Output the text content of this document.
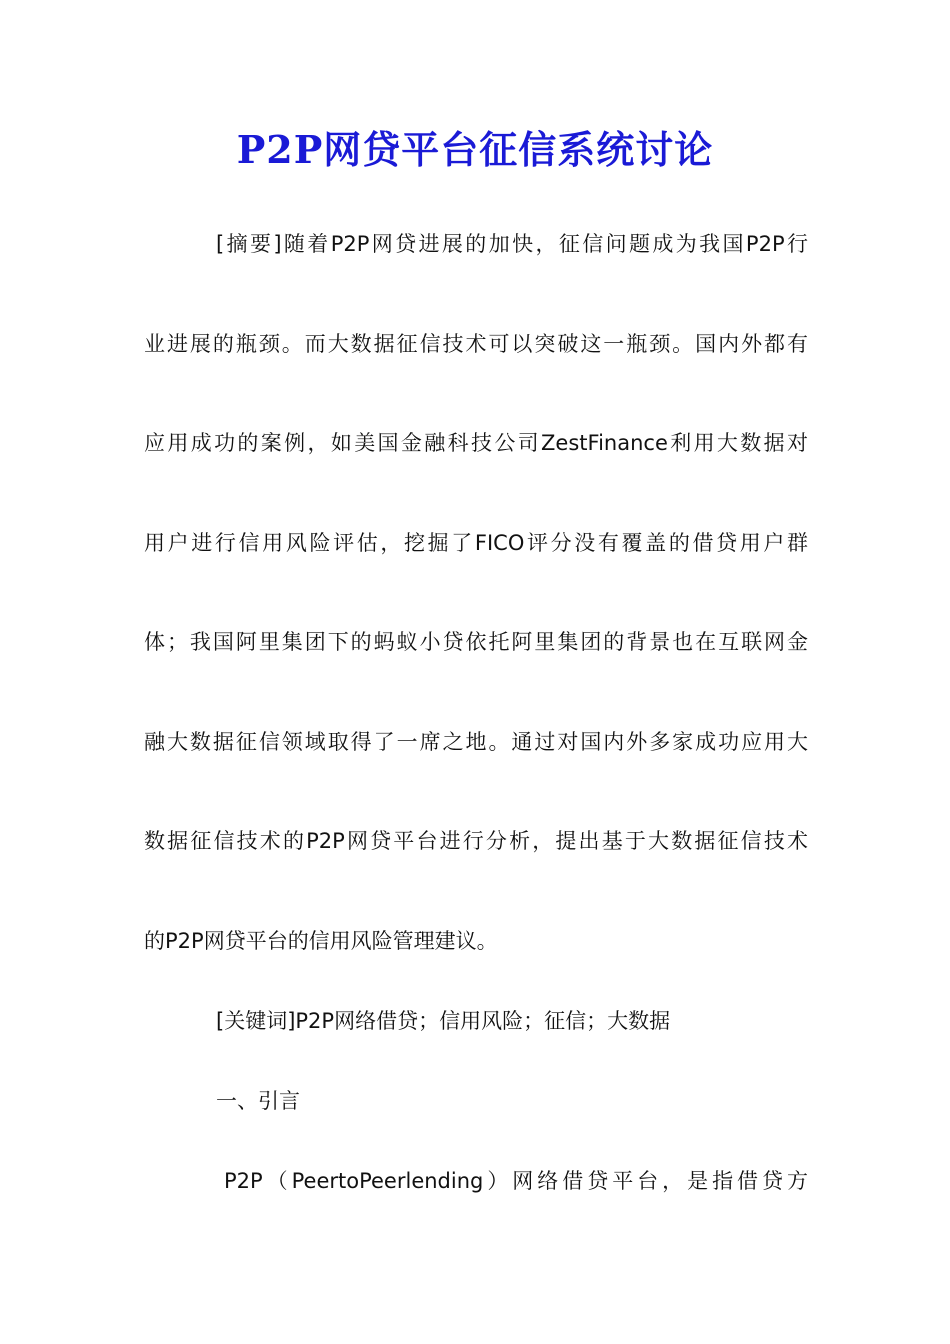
P2P网贷平台征信系统讨论
[摘要]随着P2P网贷进展的加快，征信问题成为我国P2P行
业进展的瓶颈。而大数据征信技术可以突破这一瓶颈。国内外都有
应用成功的案例，如美国金融科技公司ZestFinance利用大数据对
用户进行信用风险评估，挖掘了FICO评分没有覆盖的借贷用户群
体；我国阿里集团下的蚂蚁小贷依托阿里集团的背景也在互联网金
融大数据征信领域取得了一席之地。通过对国内外多家成功应用大
数据征信技术的P2P网贷平台进行分析，提出基于大数据征信技术
的P2P网贷平台的信用风险管理建议。
[关键词]P2P网络借贷；信用风险；征信；大数据
一、引言
P2P（PeertoPeerlending）网络借贷平台，是指借贷方
